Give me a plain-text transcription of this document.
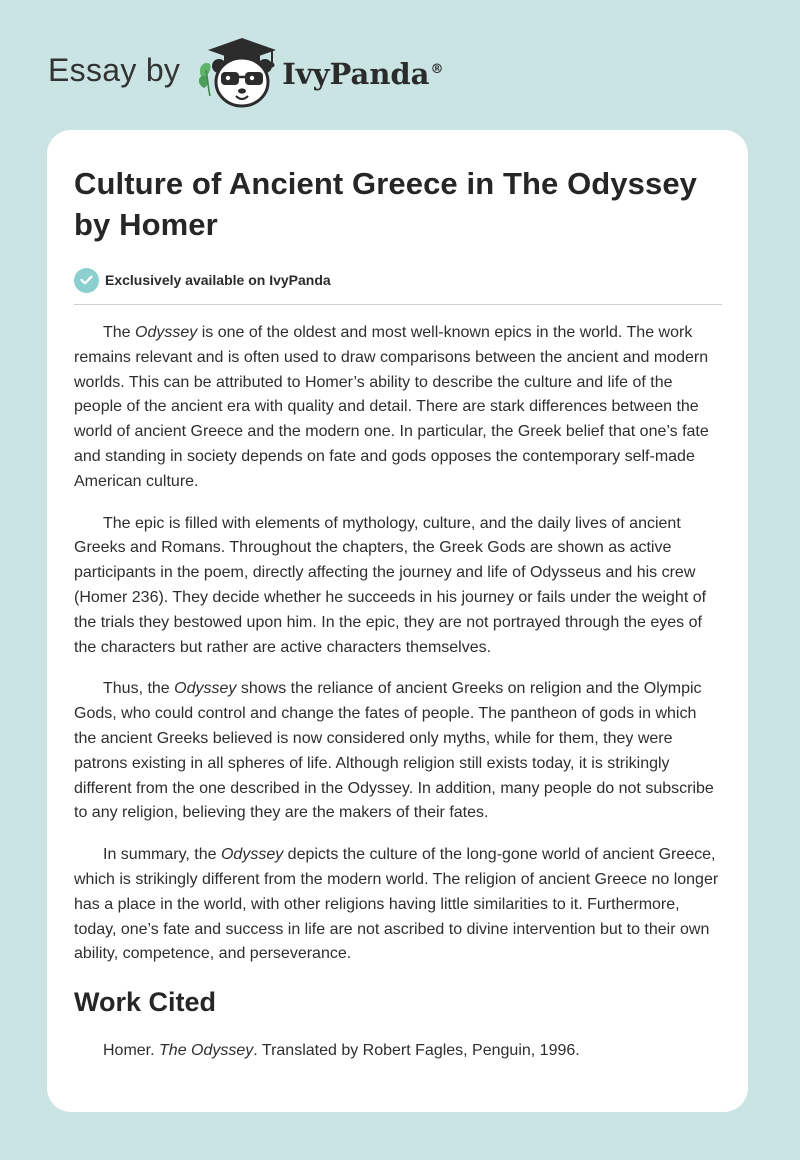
Essay by	IvyPanda®
Culture of Ancient Greece in The Odyssey by Homer
Exclusively available on IvyPanda

The Odyssey is one of the oldest and most well-known epics in the world. The work remains relevant and is often used to draw comparisons between the ancient and modern worlds. This can be attributed to Homer’s ability to describe the culture and life of the people of the ancient era with quality and detail. There are stark differences between the world of ancient Greece and the modern one. In particular, the Greek belief that one’s fate and standing in society depends on fate and gods opposes the contemporary self-made American culture.

The epic is filled with elements of mythology, culture, and the daily lives of ancient Greeks and Romans. Throughout the chapters, the Greek Gods are shown as active participants in the poem, directly affecting the journey and life of Odysseus and his crew (Homer 236). They decide whether he succeeds in his journey or fails under the weight of the trials they bestowed upon him. In the epic, they are not portrayed through the eyes of the characters but rather are active characters themselves.

Thus, the Odyssey shows the reliance of ancient Greeks on religion and the Olympic Gods, who could control and change the fates of people. The pantheon of gods in which the ancient Greeks believed is now considered only myths, while for them, they were patrons existing in all spheres of life. Although religion still exists today, it is strikingly different from the one described in the Odyssey. In addition, many people do not subscribe to any religion, believing they are the makers of their fates.

In summary, the Odyssey depicts the culture of the long-gone world of ancient Greece, which is strikingly different from the modern world. The religion of ancient Greece no longer has a place in the world, with other religions having little similarities to it. Furthermore, today, one’s fate and success in life are not ascribed to divine intervention but to their own ability, competence, and perseverance.

Work Cited
Homer. The Odyssey. Translated by Robert Fagles, Penguin, 1996.
